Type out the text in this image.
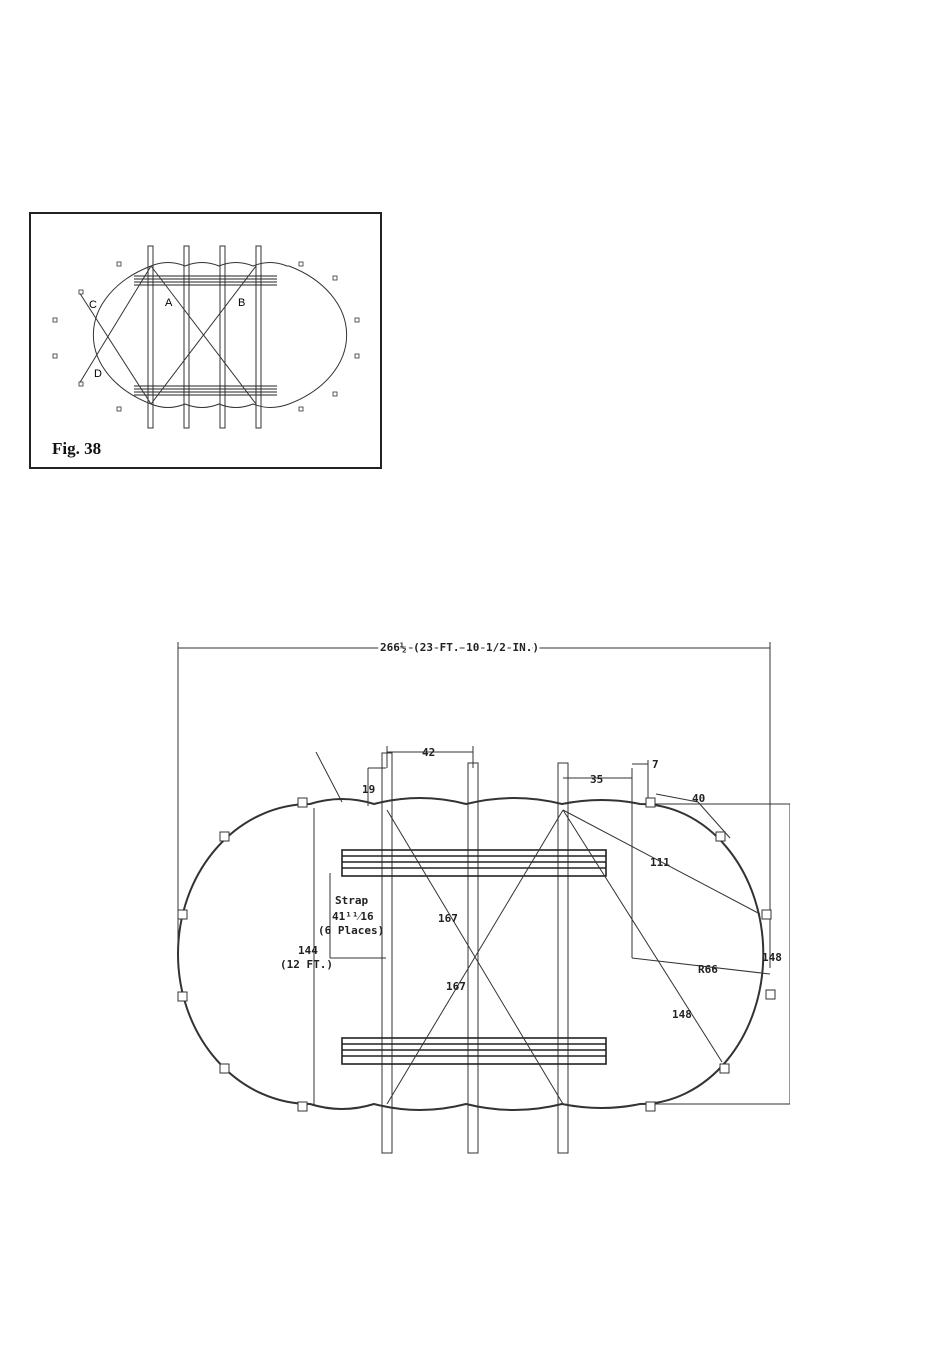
A	B
C
D
Fig. 38
266½ (23 FT. 10 1/2 IN.)
42
19
35
7
40
111
Strap
41¹¹⁄16
(6 Places)
167
167
144
(12 FT.)	R66
148
148
